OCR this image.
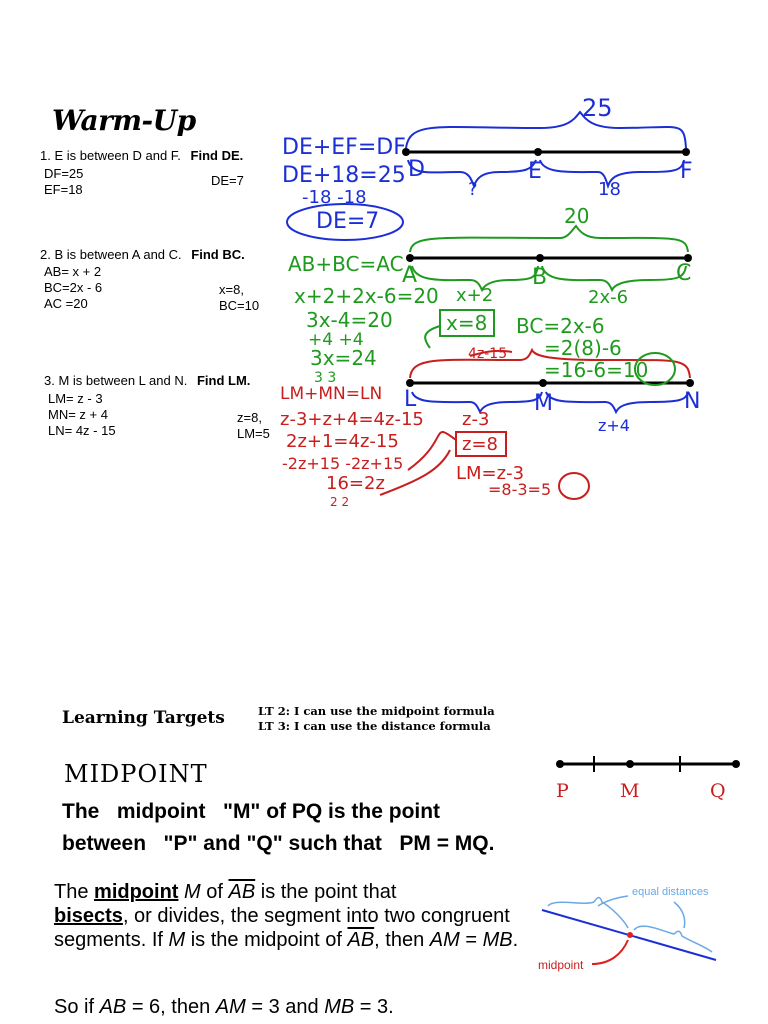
Warm-Up
1. E is between D and F. Find DE.
DF=25
EF=18
DE=7
2. B is between A and C. Find BC.
AB= x + 2
BC=2x - 6
AC =20
x=8,
BC=10
3. M is between L and N. Find LM.
LM= z - 3
MN= z + 4
LN= 4z - 15
z=8,
LM=5
25
D	E	F
?	18
DE+EF=DF
DE+18=25
-18 -18
DE=7	20
A	B	C
x+2	2x-6
AB+BC=AC
x+2+2x-6=20
3x-4=20
+4 +4
3x=24
3 3
x=8 BC=2x-6
=2(8)-6
=16-6=10
4z-15
L	M	N
z-3	z+4
LM+MN=LN
z-3+z+4=4z-15
2z+1=4z-15
-2z+15 -2z+15
16=2z
2 2
z=8
LM=z-3
=8-3=5
Learning Targets	LT 2: I can use the midpoint formula
LT 3: I can use the distance formula
MIDPOINT
The   midpoint   "M" of PQ is the point
between   "P" and "Q" such that   PM = MQ.
P	M	Q
The midpoint M of $\overline{AB}$ is the point that
bisects, or divides, the segment into two congruent segments. If M is the midpoint of $\overline{AB}$, then AM = MB.
So if AB = 6, then AM = 3 and MB = 3.
equal distances
midpoint
